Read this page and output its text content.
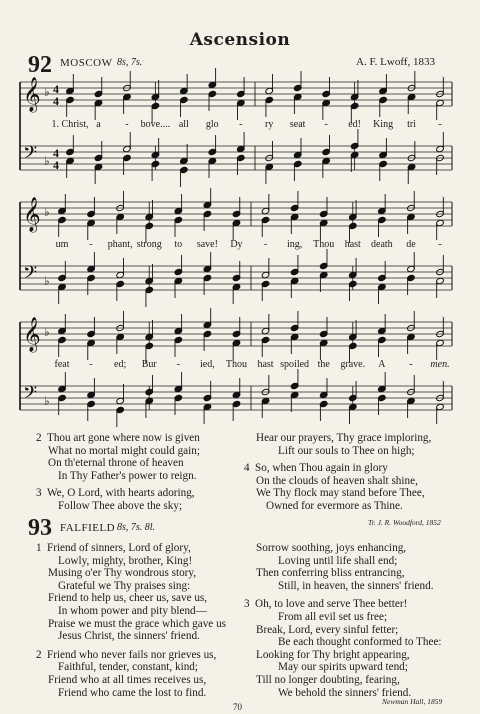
Ascension
92 MOSCOW 8s, 7s.	A. F. Lwoff, 1833
𝄞 ♭ 4
4
𝄢 ♭
4
4
1. Christ, a - bove.... all glo - ry seat - ed! King tri -
𝄞 ♭
𝄢 ♭
um - phant, strong to save! Dy - ing, Thou hast death de -
𝄞 ♭
𝄢 ♭
feat - ed; Bur - ied, Thou hast spoiled the grave. A - men.
2 Thou art gone where now is given
What no mortal might could gain;
On th'eternal throne of heaven
In Thy Father's power to reign.
3 We, O Lord, with hearts adoring,
Follow Thee above the sky;
Hear our prayers, Thy grace imploring,
Lift our souls to Thee on high;
4 So, when Thou again in glory
On the clouds of heaven shalt shine,
We Thy flock may stand before Thee,
Owned for evermore as Thine.
Tr. J. R. Woodford, 1852
93 FALFIELD 8s, 7s. 8l.
1 Friend of sinners, Lord of glory,
Lowly, mighty, brother, King!
Musing o'er Thy wondrous story,
Grateful we Thy praises sing:
Friend to help us, cheer us, save us,
In whom power and pity blend—
Praise we must the grace which gave us
Jesus Christ, the sinners' friend.
2 Friend who never fails nor grieves us,
Faithful, tender, constant, kind;
Friend who at all times receives us,
Friend who came the lost to find.
Sorrow soothing, joys enhancing,
Loving until life shall end;
Then conferring bliss entrancing,
Still, in heaven, the sinners' friend.
3 Oh, to love and serve Thee better!
From all evil set us free;
Break, Lord, every sinful fetter;
Be each thought conformed to Thee:
Looking for Thy bright appearing,
May our spirits upward tend;
Till no longer doubting, fearing,
We behold the sinners' friend.
Newman Hall, 1859
70
